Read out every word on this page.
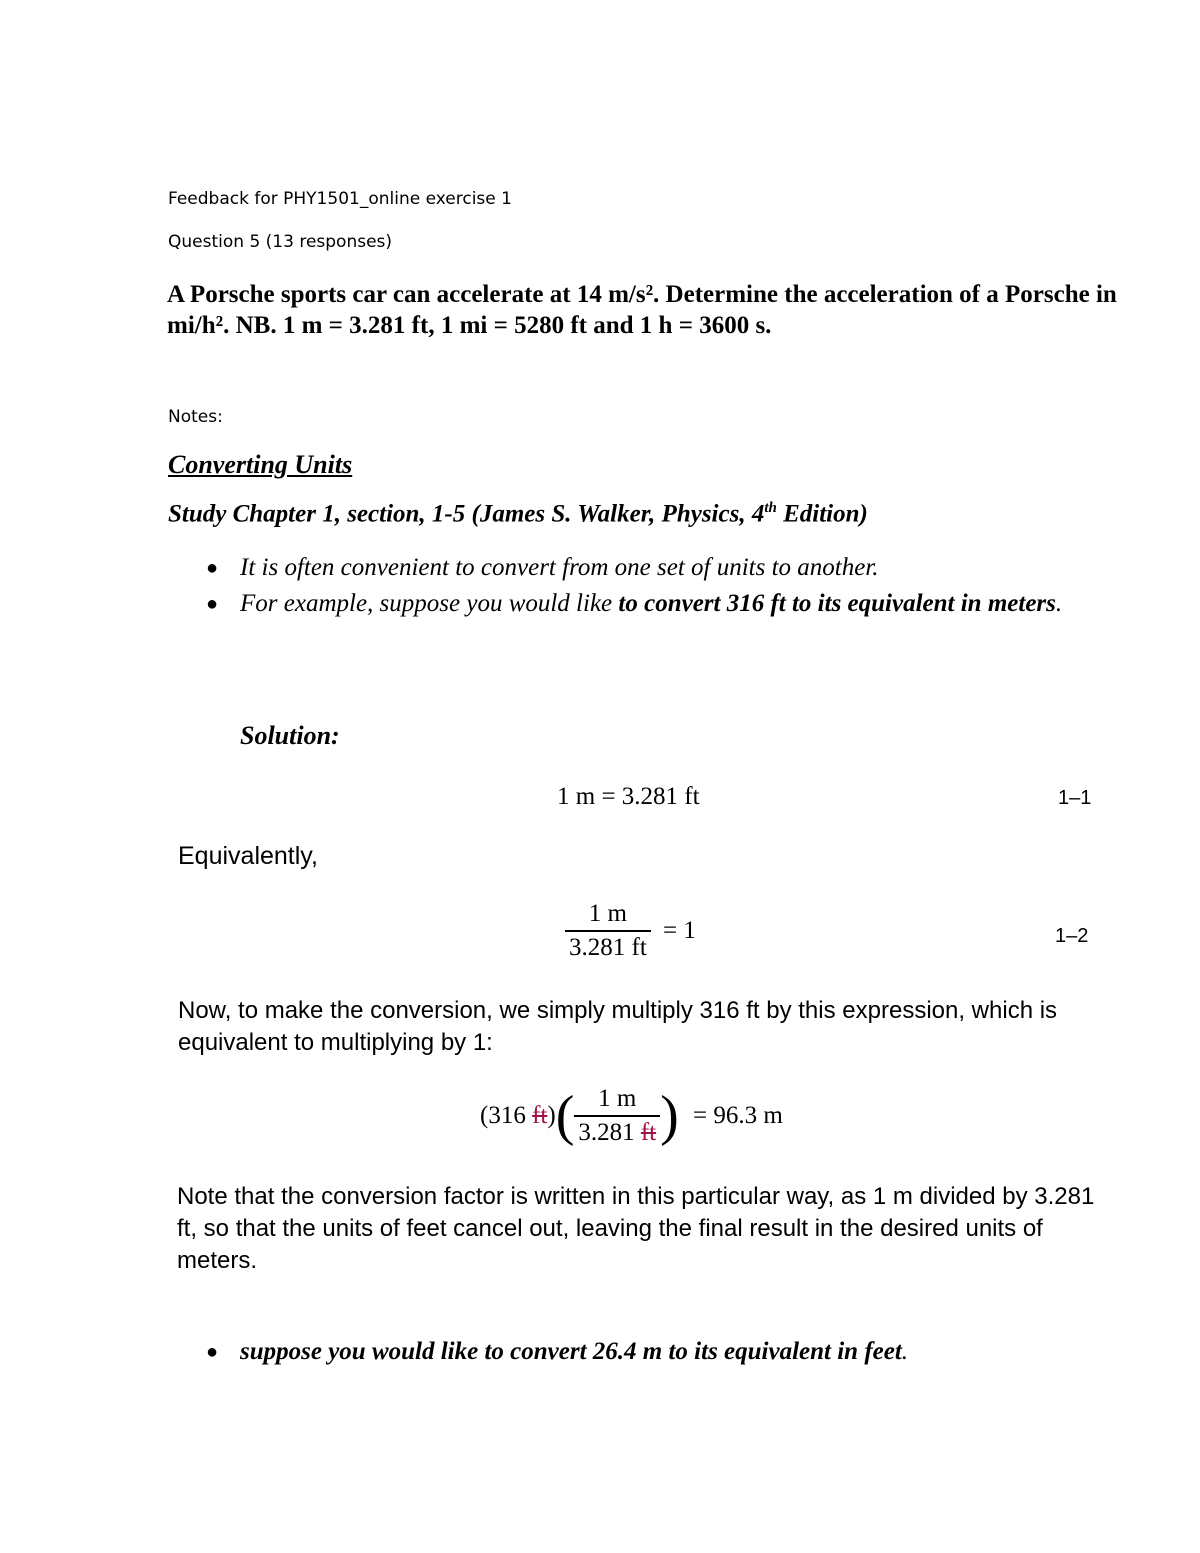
Feedback for PHY1501_online exercise 1
Question 5 (13 responses)
A Porsche sports car can accelerate at 14 m/s². Determine the acceleration of a Porsche in
mi/h². NB. 1 m = 3.281 ft, 1 mi = 5280 ft and 1 h = 3600 s.
Notes:
Converting Units
Study Chapter 1, section, 1-5 (James S. Walker, Physics, 4th Edition)
● It is often convenient to convert from one set of units to another.
● For example, suppose you would like to convert 316 ft to its equivalent in meters.
Solution:
1 m = 3.281 ft	1–1
Equivalently,
$\frac{1 m}{3.281 ft} = 1$	1–2
Now, to make the conversion, we simply multiply 316 ft by this expression, which is equivalent to multiplying by 1:
(316 $ft)( \frac{1 m}{3.281 ft}$ ) = 96.3 m
Note that the conversion factor is written in this particular way, as 1 m divided by 3.281 ft, so that the units of feet cancel out, leaving the final result in the desired units of meters.
● suppose you would like to convert 26.4 m to its equivalent in feet.
